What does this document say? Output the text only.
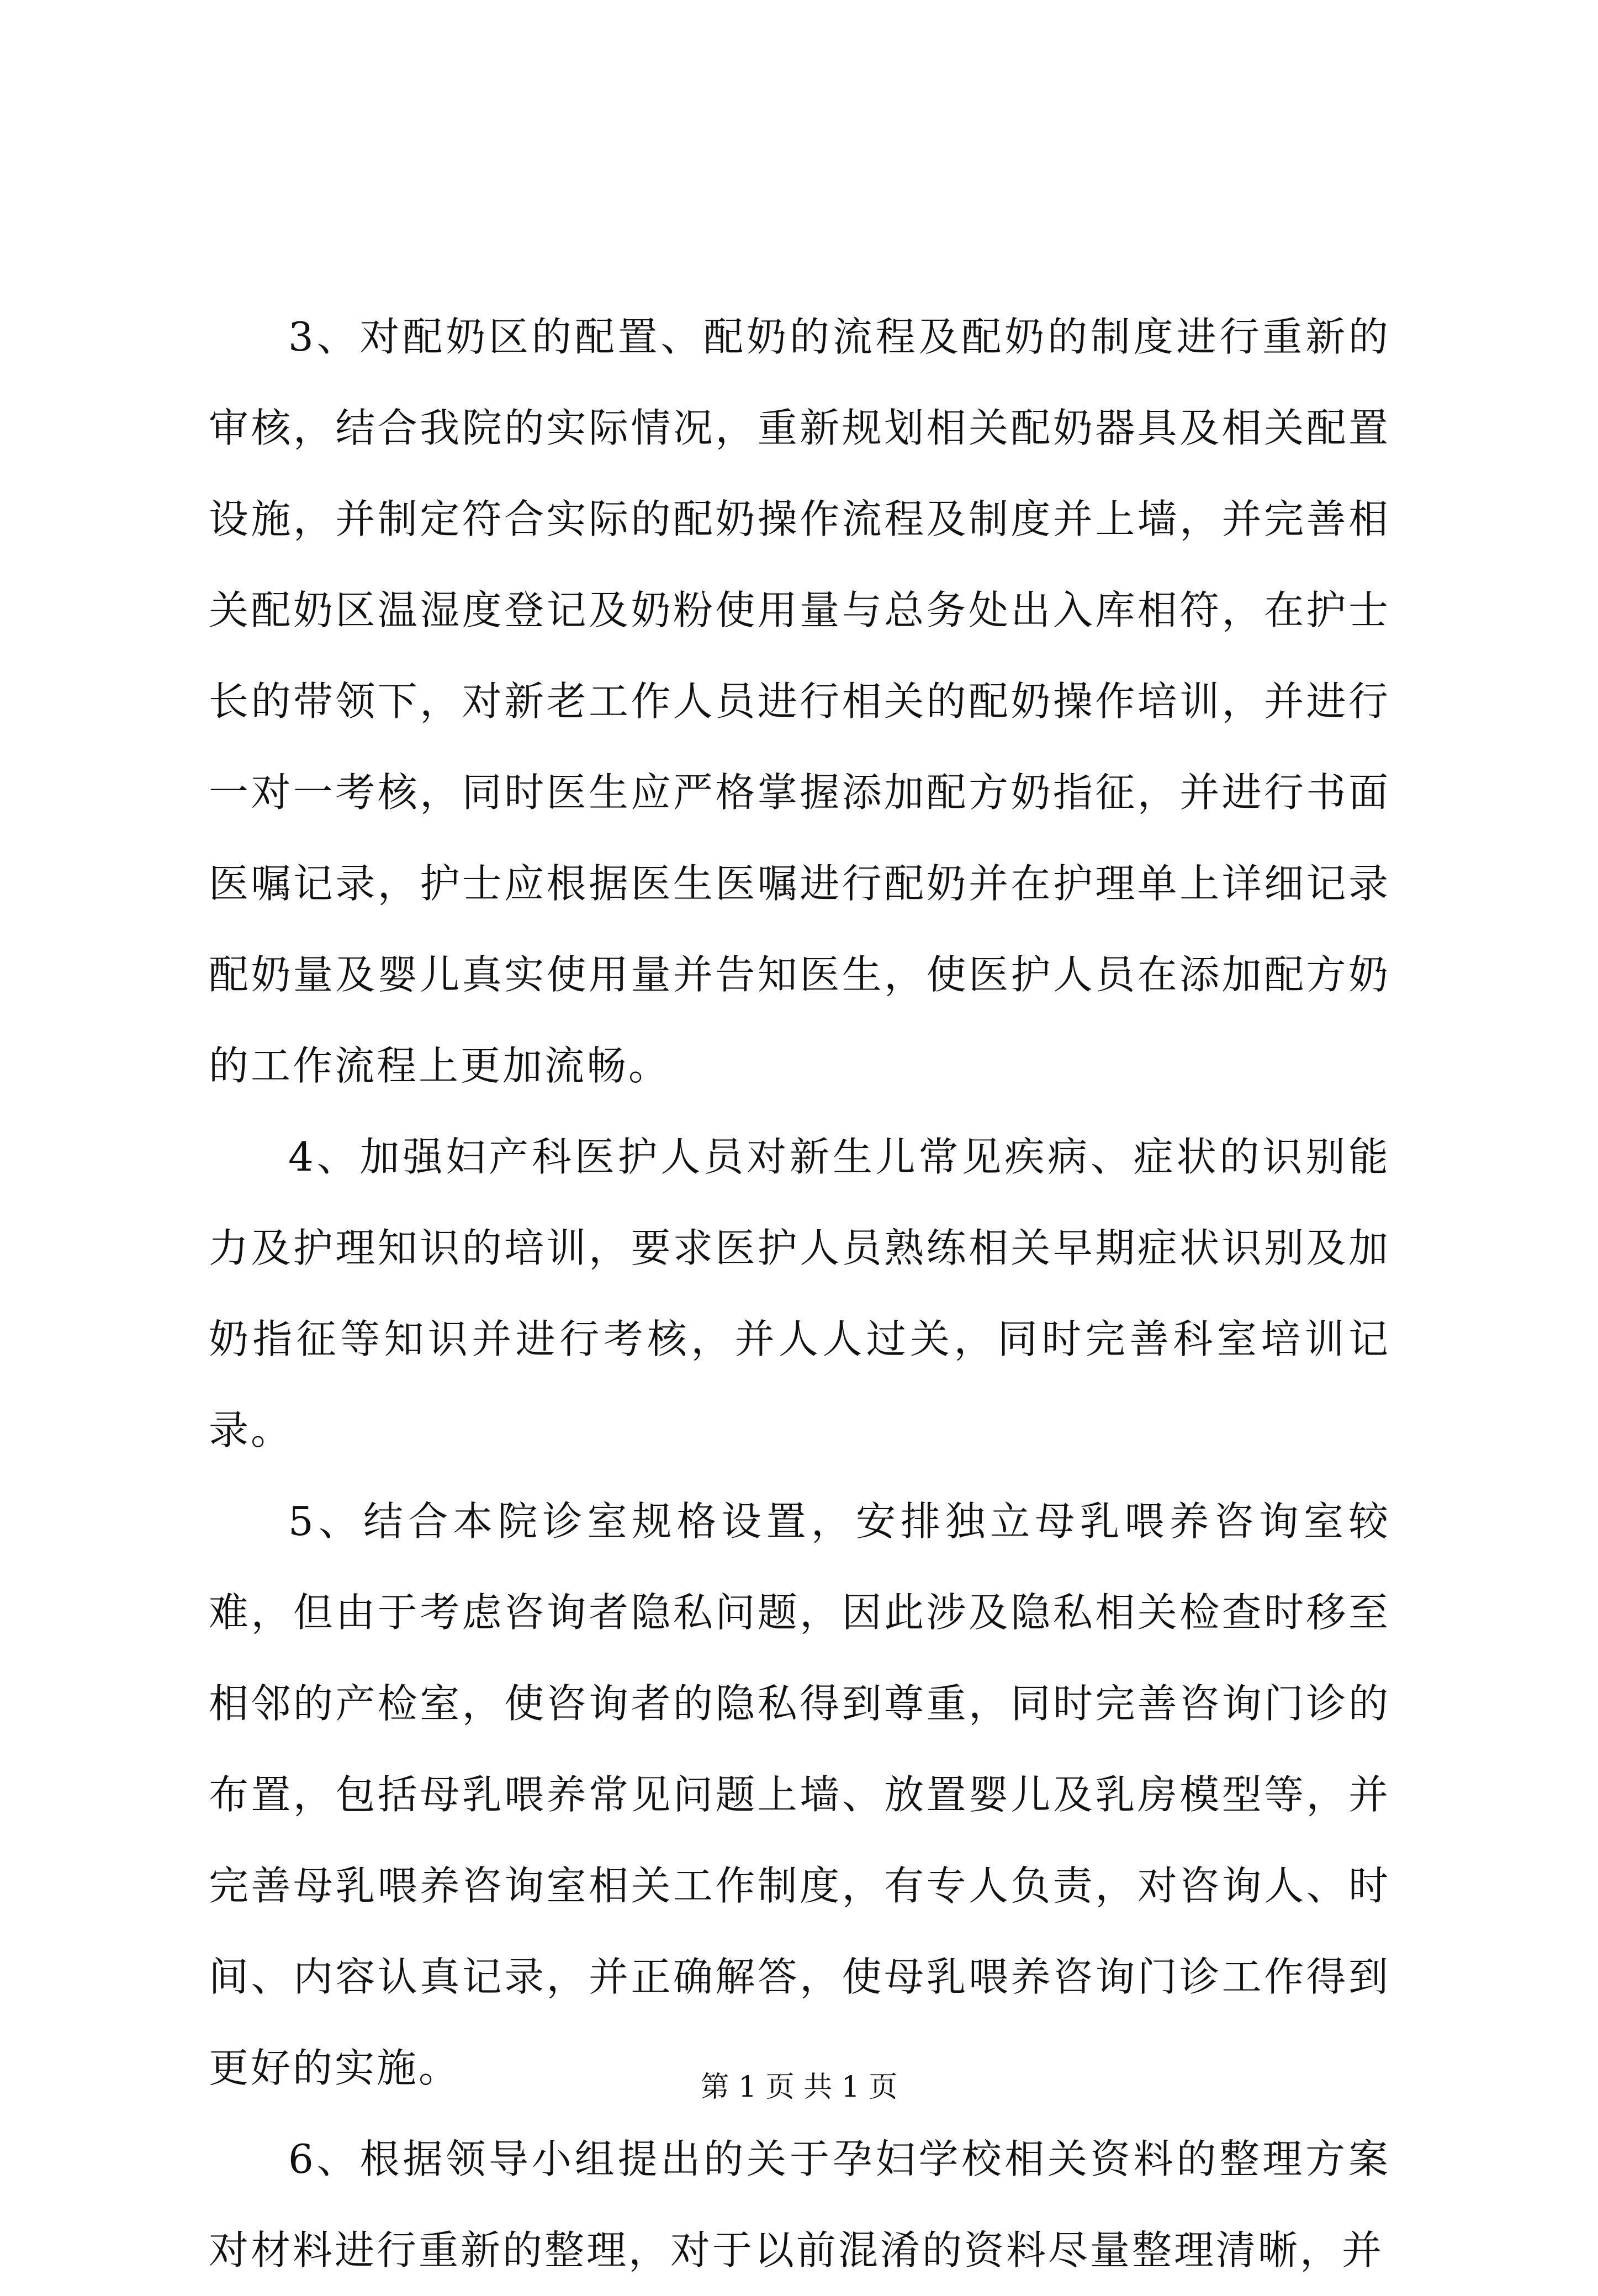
3、对配奶区的配置、配奶的流程及配奶的制度进行重新的审核，结合我院的实际情况，重新规划相关配奶器具及相关配置设施，并制定符合实际的配奶操作流程及制度并上墙，并完善相关配奶区温湿度登记及奶粉使用量与总务处出入库相符，在护士长的带领下，对新老工作人员进行相关的配奶操作培训，并进行一对一考核，同时医生应严格掌握添加配方奶指征，并进行书面医嘱记录，护士应根据医生医嘱进行配奶并在护理单上详细记录配奶量及婴儿真实使用量并告知医生，使医护人员在添加配方奶的工作流程上更加流畅。

4、加强妇产科医护人员对新生儿常见疾病、症状的识别能力及护理知识的培训，要求医护人员熟练相关早期症状识别及加奶指征等知识并进行考核，并人人过关，同时完善科室培训记录。

5、结合本院诊室规格设置，安排独立母乳喂养咨询室较难，但由于考虑咨询者隐私问题，因此涉及隐私相关检查时移至相邻的产检室，使咨询者的隐私得到尊重，同时完善咨询门诊的布置，包括母乳喂养常见问题上墙、放置婴儿及乳房模型等，并完善母乳喂养咨询室相关工作制度，有专人负责，对咨询人、时间、内容认真记录，并正确解答，使母乳喂养咨询门诊工作得到更好的实施。

6、根据领导小组提出的关于孕妇学校相关资料的整理方案对材料进行重新的整理，对于以前混淆的资料尽量整理清晰，并

第 1 页 共 1 页
